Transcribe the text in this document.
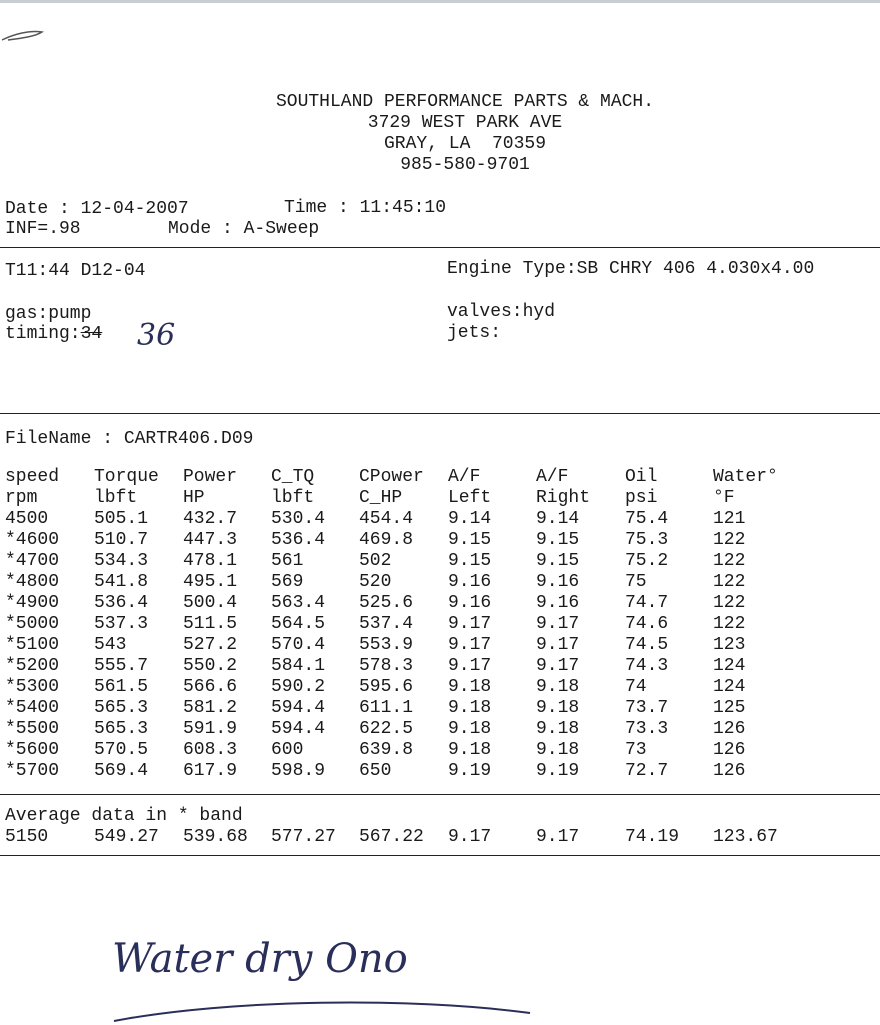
SOUTHLAND PERFORMANCE PARTS & MACH.
3729 WEST PARK AVE
GRAY, LA  70359
985-580-9701
Date : 12-04-2007	Time : 11:45:10
INF=.98	Mode : A-Sweep
T11:44 D12-04	Engine Type:SB CHRY 406 4.030x4.00
gas:pump	valves:hyd
timing:34 36	jets:
FileName : CARTR406.D09
speed	Torque	Power	C_TQ	CPower	A/F	A/F	Oil	Water°
rpm	lbft	HP	lbft	C_HP	Left	Right	psi	°F
4500	505.1	432.7	530.4	454.4	9.14	9.14	75.4	121
*4600	510.7	447.3	536.4	469.8	9.15	9.15	75.3	122
*4700	534.3	478.1	561	502	9.15	9.15	75.2	122
*4800	541.8	495.1	569	520	9.16	9.16	75	122
*4900	536.4	500.4	563.4	525.6	9.16	9.16	74.7	122
*5000	537.3	511.5	564.5	537.4	9.17	9.17	74.6	122
*5100	543	527.2	570.4	553.9	9.17	9.17	74.5	123
*5200	555.7	550.2	584.1	578.3	9.17	9.17	74.3	124
*5300	561.5	566.6	590.2	595.6	9.18	9.18	74	124
*5400	565.3	581.2	594.4	611.1	9.18	9.18	73.7	125
*5500	565.3	591.9	594.4	622.5	9.18	9.18	73.3	126
*5600	570.5	608.3	600	639.8	9.18	9.18	73	126
*5700	569.4	617.9	598.9	650	9.19	9.19	72.7	126
Average data in * band
5150	549.27	539.68	577.27	567.22	9.17	9.17	74.19	123.67
Water dry Ono
